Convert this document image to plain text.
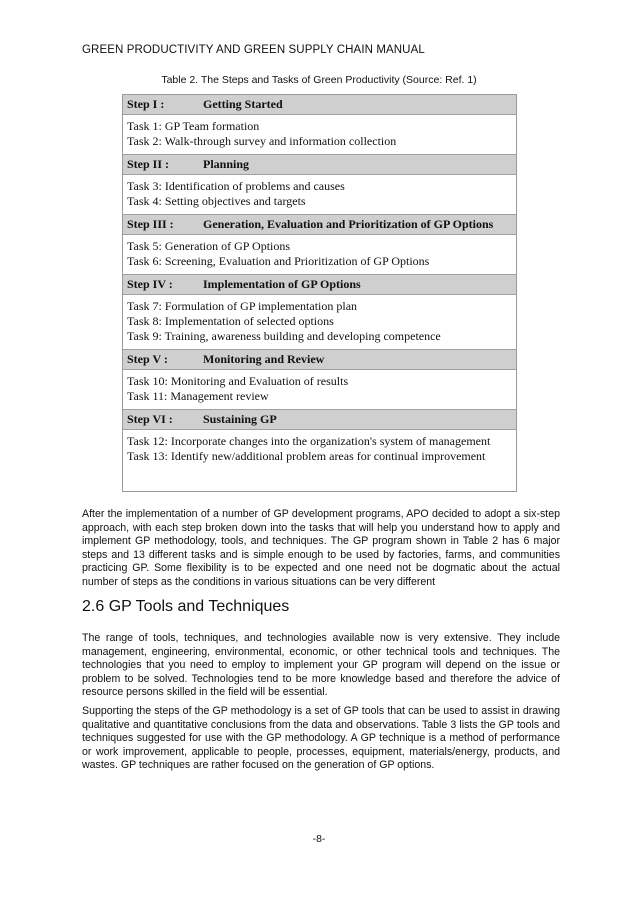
GREEN PRODUCTIVITY AND GREEN SUPPLY CHAIN MANUAL
Table 2. The Steps and Tasks of Green Productivity (Source: Ref. 1)
Step I :	Getting Started
Task 1: GP Team formation
Task 2: Walk-through survey and information collection
Step II :	Planning
Task 3: Identification of problems and causes
Task 4: Setting objectives and targets
Step III : Generation, Evaluation and Prioritization of GP Options
Task 5: Generation of GP Options
Task 6: Screening, Evaluation and Prioritization of GP Options
Step IV :	Implementation of GP Options
Task 7: Formulation of GP implementation plan
Task 8: Implementation of selected options
Task 9: Training, awareness building and developing competence
Step V :	Monitoring and Review
Task 10: Monitoring and Evaluation of results
Task 11: Management review
Step VI :	Sustaining GP
Task 12: Incorporate changes into the organization's system of management
Task 13: Identify new/additional problem areas for continual improvement

After the implementation of a number of GP development programs, APO decided to adopt a six-step approach, with each step broken down into the tasks that will help you understand how to apply and implement GP methodology, tools, and techniques. The GP program shown in Table 2 has 6 major steps and 13 different tasks and is simple enough to be used by factories, farms, and communities practicing GP. Some flexibility is to be expected and one need not be dogmatic about the actual number of steps as the conditions in various situations can be very different

2.6 GP Tools and Techniques

The range of tools, techniques, and technologies available now is very extensive. They include management, engineering, environmental, economic, or other technical tools and techniques. The technologies that you need to employ to implement your GP program will depend on the issue or problem to be solved. Technologies tend to be more knowledge based and therefore the advice of resource persons skilled in the field will be essential.

Supporting the steps of the GP methodology is a set of GP tools that can be used to assist in drawing qualitative and quantitative conclusions from the data and observations. Table 3 lists the GP tools and techniques suggested for use with the GP methodology. A GP technique is a method of performance or work improvement, applicable to people, processes, equipment, materials/energy, products, and wastes. GP techniques are rather focused on the generation of GP options.

-8-
